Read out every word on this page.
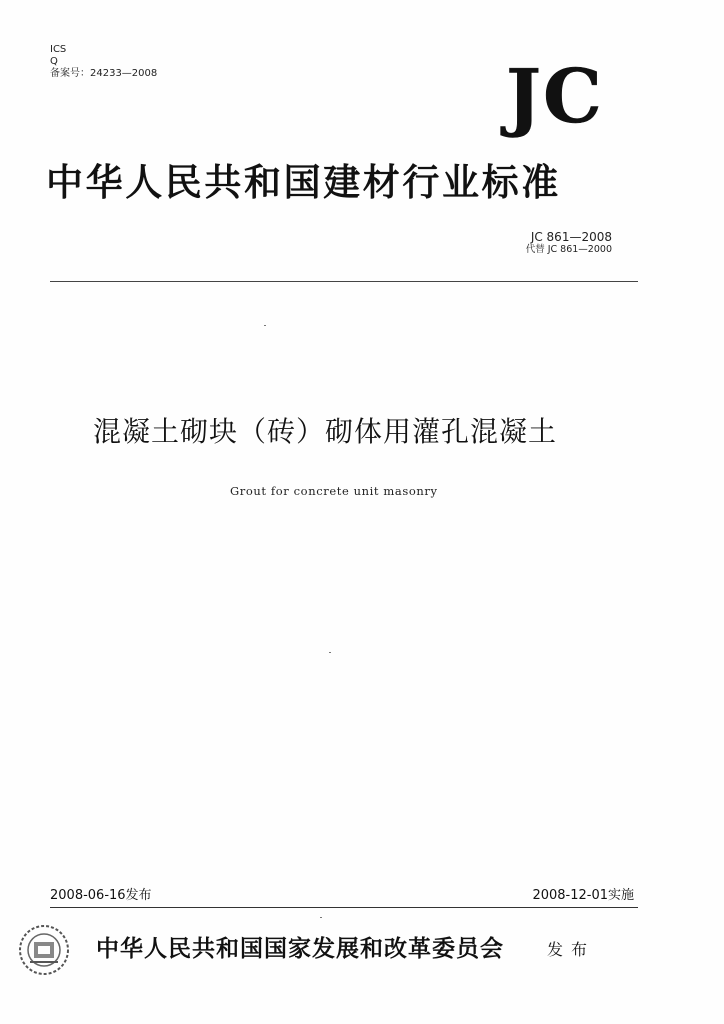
ICS
Q
备案号：24233—2008	JC
中华人民共和国建材行业标准
JC 861—2008
代替 JC 861—2000
混凝土砌块（砖）砌体用灌孔混凝土
Grout for concrete unit masonry
2008-06-16发布	2008-12-01实施
中华人民共和国国家发展和改革委员会	发布
